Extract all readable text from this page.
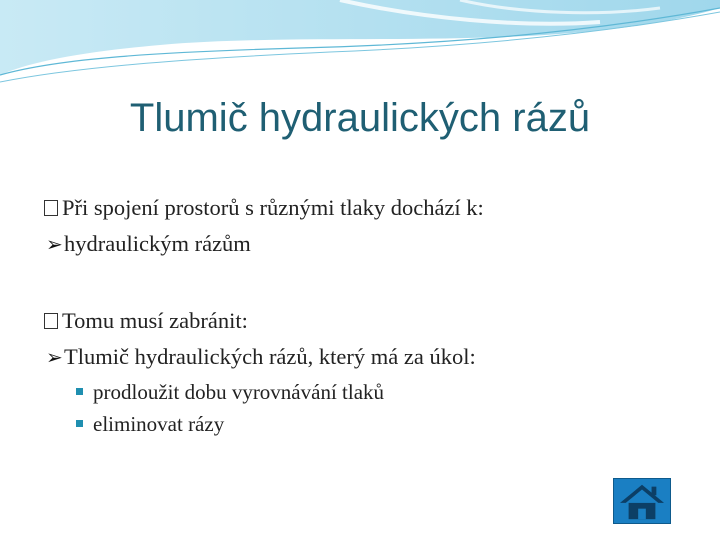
Tlumič hydraulických rázů
Při spojení prostorů s různými tlaky dochází k:
➢hydraulickým rázům
Tomu musí zabránit:
➢Tlumič hydraulických rázů, který má za úkol:
prodloužit dobu vyrovnávání tlaků
eliminovat rázy
